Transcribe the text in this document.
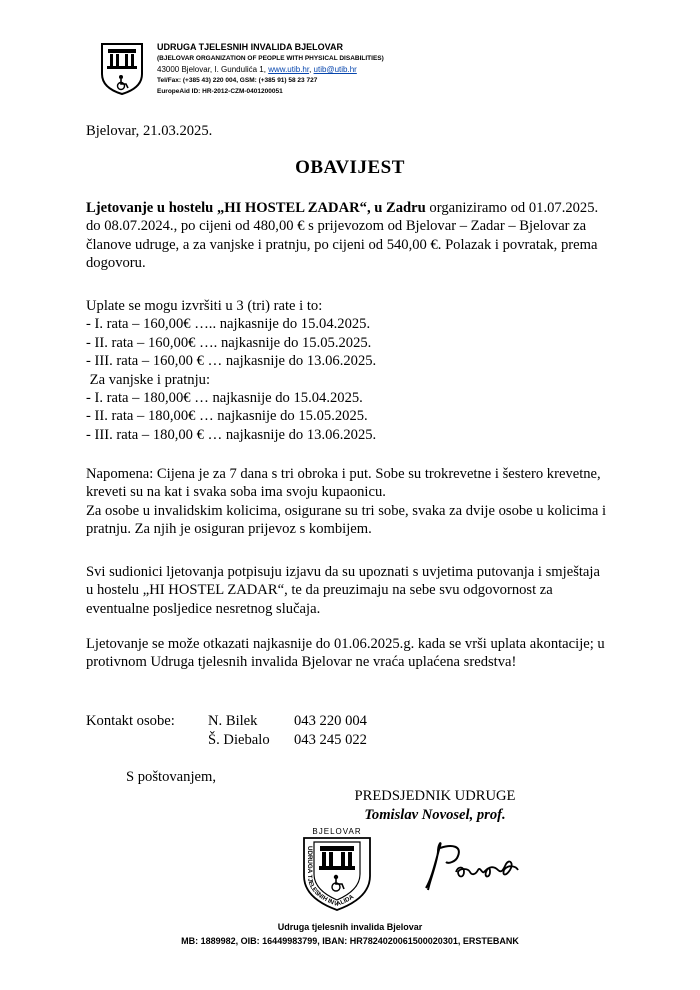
UDRUGA TJELESNIH INVALIDA BJELOVAR
(BJELOVAR ORGANIZATION OF PEOPLE WITH PHYSICAL DISABILITIES)
43000 Bjelovar, I. Gundulića 1, www.utib.hr, utib@utib.hr
Tel/Fax: (+385 43) 220 004, GSM: (+385 91) 58 23 727
EuropeAid ID: HR-2012-CZM-0401200051
Bjelovar, 21.03.2025.
OBAVIJEST
Ljetovanje u hostelu „HI HOSTEL ZADAR“, u Zadru organiziramo od 01.07.2025. do 08.07.2024., po cijeni od 480,00 € s prijevozom od Bjelovar – Zadar – Bjelovar za članove udruge, a za vanjske i pratnju, po cijeni od 540,00 €. Polazak i povratak, prema dogovoru.
Uplate se mogu izvršiti u 3 (tri) rate i to:
- I. rata – 160,00€ ….. najkasnije do 15.04.2025.
- II. rata – 160,00€ …. najkasnije do 15.05.2025.
- III. rata – 160,00 € … najkasnije do 13.06.2025.
Za vanjske i pratnju:
- I. rata – 180,00€ … najkasnije do 15.04.2025.
- II. rata – 180,00€ … najkasnije do 15.05.2025.
- III. rata – 180,00 € … najkasnije do 13.06.2025.
Napomena: Cijena je za 7 dana s tri obroka i put. Sobe su trokrevetne i šestero krevetne, kreveti su na kat i svaka soba ima svoju kupaonicu.
Za osobe u invalidskim kolicima, osigurane su tri sobe, svaka za dvije osobe u kolicima i pratnju. Za njih je osiguran prijevoz s kombijem.
Svi sudionici ljetovanja potpisuju izjavu da su upoznati s uvjetima putovanja i smještaja u hostelu „HI HOSTEL ZADAR“, te da preuzimaju na sebe svu odgovornost za eventualne posljedice nesretnog slučaja.
Ljetovanje se može otkazati najkasnije do 01.06.2025.g. kada se vrši uplata akontacije; u protivnom Udruga tjelesnih invalida Bjelovar ne vraća uplaćena sredstva!
Kontakt osobe:	N. Bilek	043 220 004
Š. Diebalo 043 245 022
S poštovanjem,
PREDSJEDNIK UDRUGE
Tomislav Novosel, prof.
BJELOVAR
UDRUGA TJELESNIH INVALIDA
Udruga tjelesnih invalida Bjelovar
MB: 1889982, OIB: 16449983799, IBAN: HR7824020061500020301, ERSTEBANK
